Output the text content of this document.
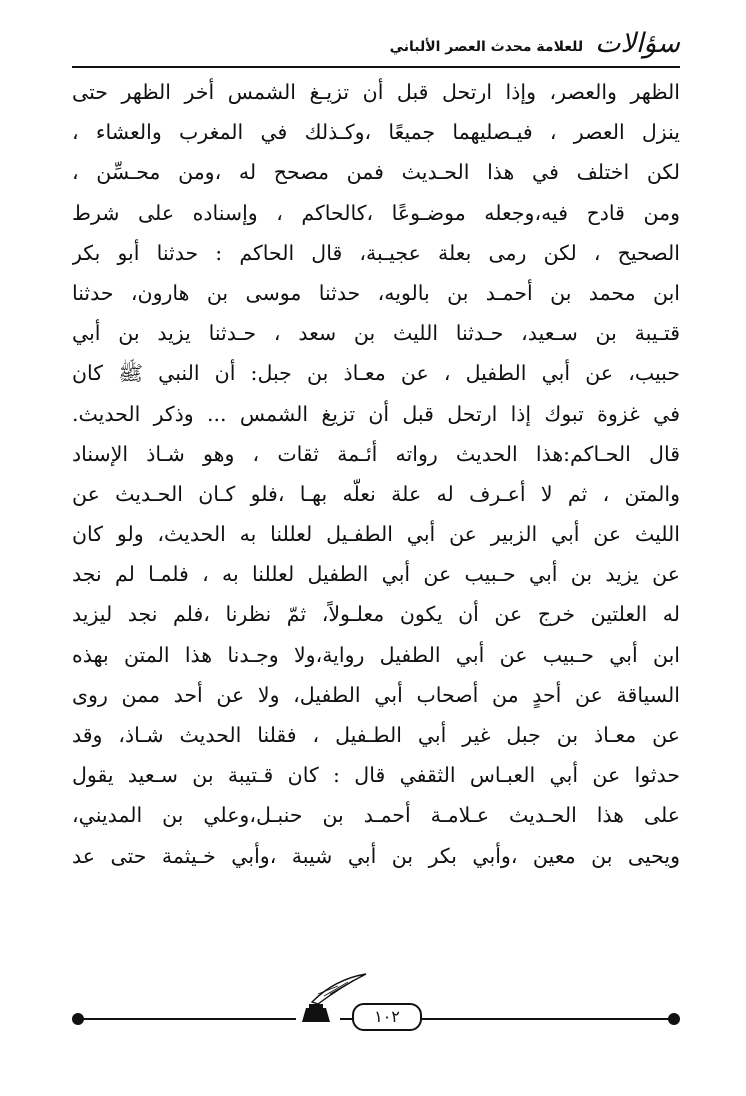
سؤالات
للعلامة محدث العصر الألباني
الظهر والعصر، وإذا ارتحل قبل أن تزيـغ الشمس أخر الظهر حتى
ينزل العصر ، فيـصليهما جميعًا ،وكـذلك في المغرب والعشاء ،
لكن اختلف في هذا الحـديث فمن مصحح له ،ومن محـسِّن ،
ومن قادح فيه،وجعله موضـوعًا ،كالحاكم ، وإسناده على شرط
الصحيح ، لكن رمى بعلة عجيـبة، قال الحاكم : حدثنا أبو بكر
ابن محمد بن أحمـد بن بالويه، حدثنا موسى بن هارون، حدثنا
قتـيبة بن سـعيد، حـدثنا الليث بن سعد ، حـدثنا يزيد بن أبي
حبيب، عن أبي الطفيل ، عن معـاذ بن جبل: أن النبي ﷺ كان
في غزوة تبوك إذا ارتحل قبل أن تزيغ الشمس ... وذكر الحديث.
قال الحـاكم:هذا الحديث رواته أئـمة ثقات ، وهو شـاذ الإسناد
والمتن ، ثم لا أعـرف له علة نعلّه بهـا ،فلو كـان الحـديث عن
الليث عن أبي الزبير عن أبي الطفـيل لعللنا به الحديث، ولو كان
عن يزيد بن أبي حـبيب عن أبي الطفيل لعللنا به ، فلمـا لم نجد
له العلتين خرج عن أن يكون معلـولاً، ثمّ نظرنا ،فلم نجد ليزيد
ابن أبي حـبيب عن أبي الطفيل رواية،ولا وجـدنا هذا المتن بهذه
السياقة عن أحدٍ من أصحاب أبي الطفيل، ولا عن أحد ممن روى
عن معـاذ بن جبل غير أبي الطـفيل ، فقلنا الحديث شـاذ، وقد
حدثوا عن أبي العبـاس الثقفي قال : كان قـتيبة بن سـعيد يقول
على هذا الحـديث عـلامـة أحمـد بن حنبـل،وعلي بن المديني،
ويحيى بن معين ،وأبي بكر بن أبي شيبة ،وأبي خـيثمة حتى عد
١٠٢
